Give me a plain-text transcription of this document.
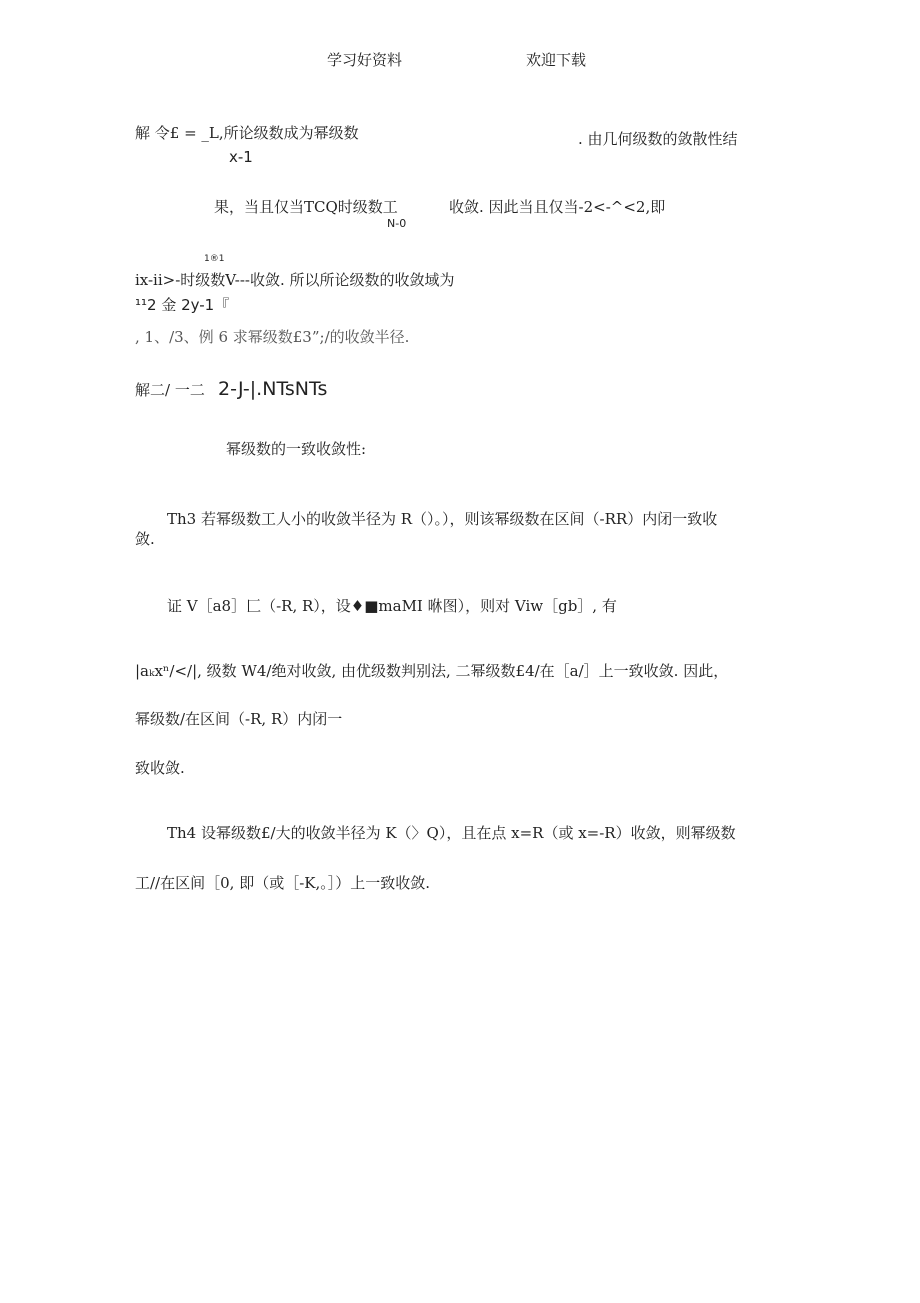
学习好资料	欢迎下载
解 令£ = _L,所论级数成为幂级数
x-1
. 由几何级数的敛散性结
果，当且仅当TCQ时级数工
N-0
收敛. 因此当且仅当-2<-^<2,即
1®1
ix-ii>-时级数V---收敛. 所以所论级数的收敛域为
¹¹2 金 2y-1『
, 1、/3、例 6 求幂级数£3”;/的收敛半径.
解二/ 一二 2-J-|.NTsNTs
幂级数的一致收敛性:
Th3 若幂级数工人小的收敛半径为 R（）。），则该幂级数在区间（-RR）内闭一致收
敛.
证 V［a8］匚（-R, R），设♦■maMI 咻图），则对 Viw［gb］, 有
|aₖxⁿ/</|, 级数 W4/绝对收敛, 由优级数判别法, 二幂级数£4/在［a/］上一致收敛. 因此，
幂级数/在区间（-R, R）内闭一
致收敛.
Th4 设幂级数£/大的收敛半径为 K（〉Q），且在点 x=R（或 x=-R）收敛，则幂级数
工//在区间［0, 即（或［-K,。］）上一致收敛.
